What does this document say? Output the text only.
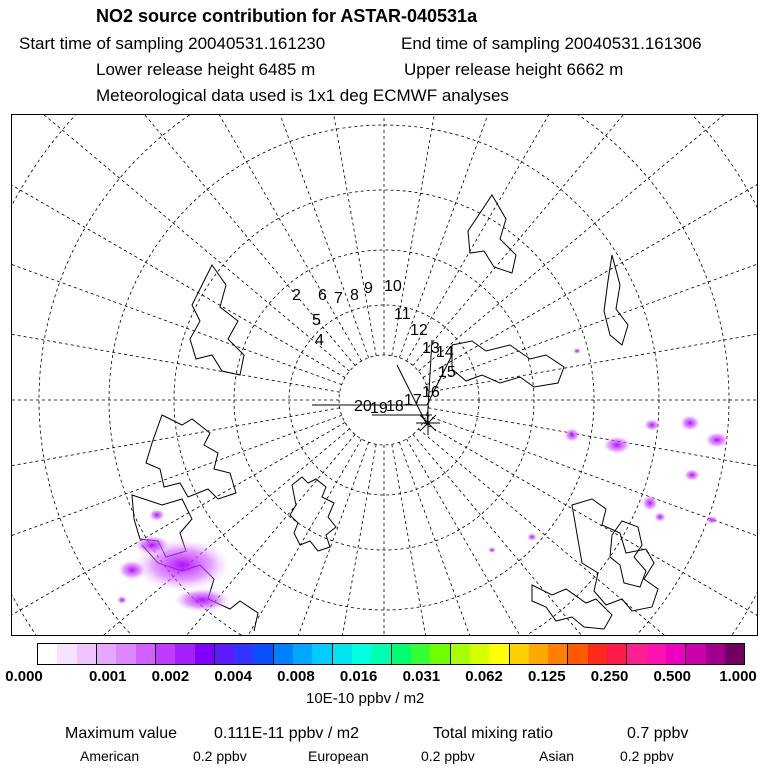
NO2 source contribution for ASTAR-040531a
Start time of sampling 20040531.161230	End time of sampling 20040531.161306
Lower release height 6485 m	Upper release height 6662 m
Meteorological data used is 1x1 deg ECMWF analyses
2 6 7 8 9 10
5
4
11
12
13
14
15
20
19
18 17 16
0.000	0.001 0.002 0.004 0.008 0.016 0.031 0.062 0.125 0.250 0.500 1.000
10E-10 ppbv / m2
Maximum value 0.111E-11 ppbv / m2	Total mixing ratio	0.7 ppbv
American	0.2 ppbv	European	0.2 ppbv	Asian	0.2 ppbv
